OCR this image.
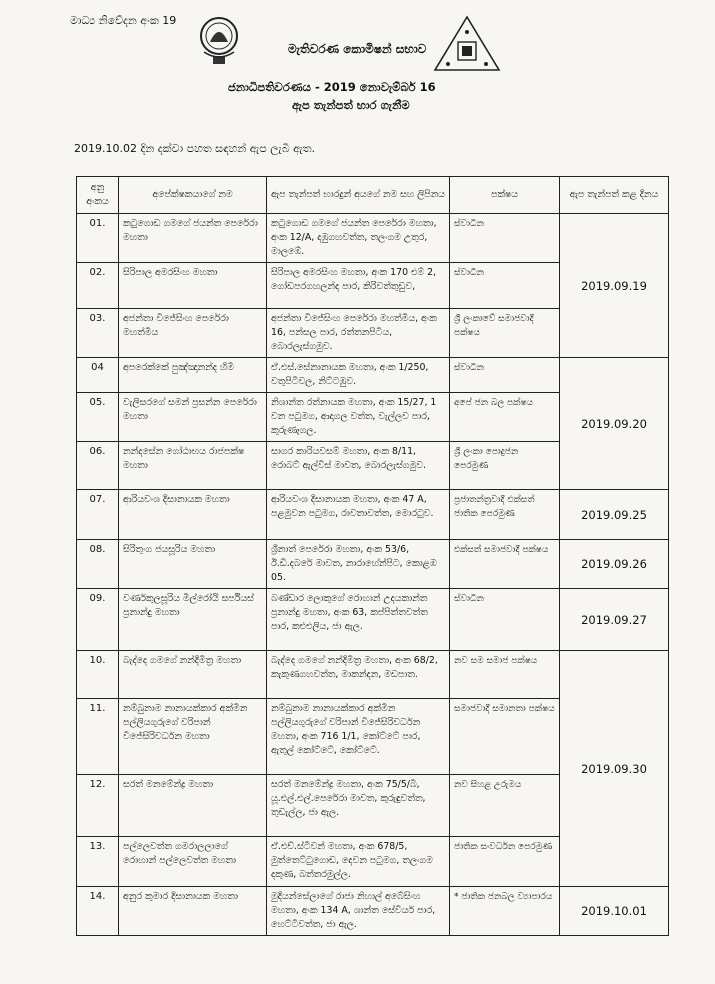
මාධ්‍ය නිවේදන අංක 19
මැතිවරණ කොමිෂන් සභාව
ජනාධිපතිවරණය - 2019 නොවැම්බර් 16
ඇප තැන්පත් භාර ගැනීම
2019.10.02 දින දක්වා පහත සඳහන් ඇප ලැබී ඇත.
අනු අංකය	අපේක්ෂකයාගේ නම	ඇප තැන්පත් භාරදුන් අයගේ නම සහ ලිපිනය	පක්ෂය	ඇප තැන්පත් කළ දිනය
01.	කටුගොඩ ගමගේ ජයන්ත පෙරේරා මහතා	කටුගොඩ ගමගේ ජයන්ත පෙරේරා මහතා, අංක 12/A, දඹුගහවත්ත, තලංගම උතුර, මාලඹේ.	ස්වාධීන	2019.09.19
02.	සිරිපාල අමරසිංහ මහතා	සිරිපාල අමරසිංහ මහතා, අංක 170 එම් 2, ගෝඩපරගහලන්ද පාර, කිරිවත්තුඩුව,	ස්වාධීන	
03.	අජන්තා විජේසිංහ පෙරේරා මහත්මිය	අජන්තා විජේසිංහ පෙරේරා මහත්මිය, අංක 16, පන්සල පාර, රත්තනපිටිය, බොරලැස්ගමුව.	ශ්‍රී ලංකාවේ සමාජවාදී පක්ෂය	
04	අපරෙක්කේ පුඤ්ඤානන්ද හිමි	ඒ.එස්.සේනානායක මහතා, අංක 1/250, වතුපිටිවල, නිට්ටඹුව.	ස්වාධීන	2019.09.20
05.	වැලිසරගේ සමන් ප්‍රසන්න පෙරේරා මහතා	නිශාන්ත රත්නායක මහතා, අංක 15/27, 1 වන පටුමග, ආදාගල වත්ත, වැල්ලව පාර, කුරුණෑගල.	අපේ ජන බල පක්ෂය	
06.	නන්දසේන ගෝඨාභය රාජපක්ෂ මහතා	සාගර කාරියවසම් මහතා, අංක 8/11, රොබට් ඇල්විස් මාවත, බොරලැස්ගමුව.	ශ්‍රී ලංකා පොදුජන පෙරමුණ	
07.	ආරියවංශ දිසානායක මහතා	ආරියවංශ දිසානායක මහතා, අංක 47 A, පළමුවන පටුමග, රාවතාවත්ත, මොරටුව.	ප්‍රජාතන්ත්‍රවාදී එක්සත් ජාතික පෙරමුණ	2019.09.25
08.	සිරිතුංග ජයසූරිය මහතා	ශ්‍රීනාත් පෙරේරා මහතා, අංක 53/6, ඊ.ඩී.දබරේ මාවත, නාරාහේන්පිට, කොළඹ 05.	එක්සත් සමාජවාදී පක්ෂය	2019.09.26
09.	වර්ණකුලසූරිය මිල්රෝයි සර්පියස් ප්‍රනාන්දු මහතා	බණ්ඩාර ලොකුගේ රොහාන් උදයකාන්ත ප්‍රනාන්දු මහතා, අංක 63, කප්පිත්තවත්ත පාර, කළුඑලිය, ජා ඇල.	ස්වාධීන	2019.09.27
10.	බැද්දෙ ගමගේ නන්දිමිත්‍ර මහතා	බැද්දෙ ගමගේ නන්දිමිත්‍ර මහතා, අංක 68/2, කැකුණගහවත්ත, මාකන්දන, මඩපාත.	නව සම සමාජ පක්ෂය	2019.09.30
11.	නම්බුනාම නානායක්කාර අක්මීන පල්ලියගුරුගේ වරිපාන් විජේසිරිවර්ධන මහතා	නම්බුනාම නානායක්කාර අක්මීන පල්ලියගුරුගේ වරිපාන් විජේසිරිවර්ධන මහතා, අංක 716 1/1, කෝට්ටේ පාර, ඇතුල් කෝට්ටේ, කෝට්ටේ.	සමාජවාදී සමානතා පක්ෂය	
12.	සරත් මනමේන්ද්‍ර මහතා	සරත් මනමේන්ද්‍ර මහතා, අංක 75/5/බී, යූ.එල්.එල්.පෙරේරා මාවත, කුරුඳුවත්ත, තුඩැල්ල, ජා ඇල.	නව සිහළ උරුමය	
13.	පල්ලෙවත්ත ගමරාලලාගේ රොහාන් පල්ලෙවත්ත මහතා	ඒ.එච්.ස්ටීවන් මහතා, අංක 678/5, මුත්තෙට්ටුගොඩ, දෙවන පටුමග, තලංගම දකුණ, බත්තරමුල්ල.	ජාතික සංවර්ධන පෙරමුණ	
14.	අනුර කුමාර දිසානායක මහතා	මුදියන්සේලාගේ රාජා නිහාල් අබේසිංහ මහතා, අංක 134 A, ශාන්ත සේවියර් පාර, හෙට්ටිවත්ත, ජා ඇල.	* ජාතික ජනබල ව්‍යාපාරය	2019.10.01
